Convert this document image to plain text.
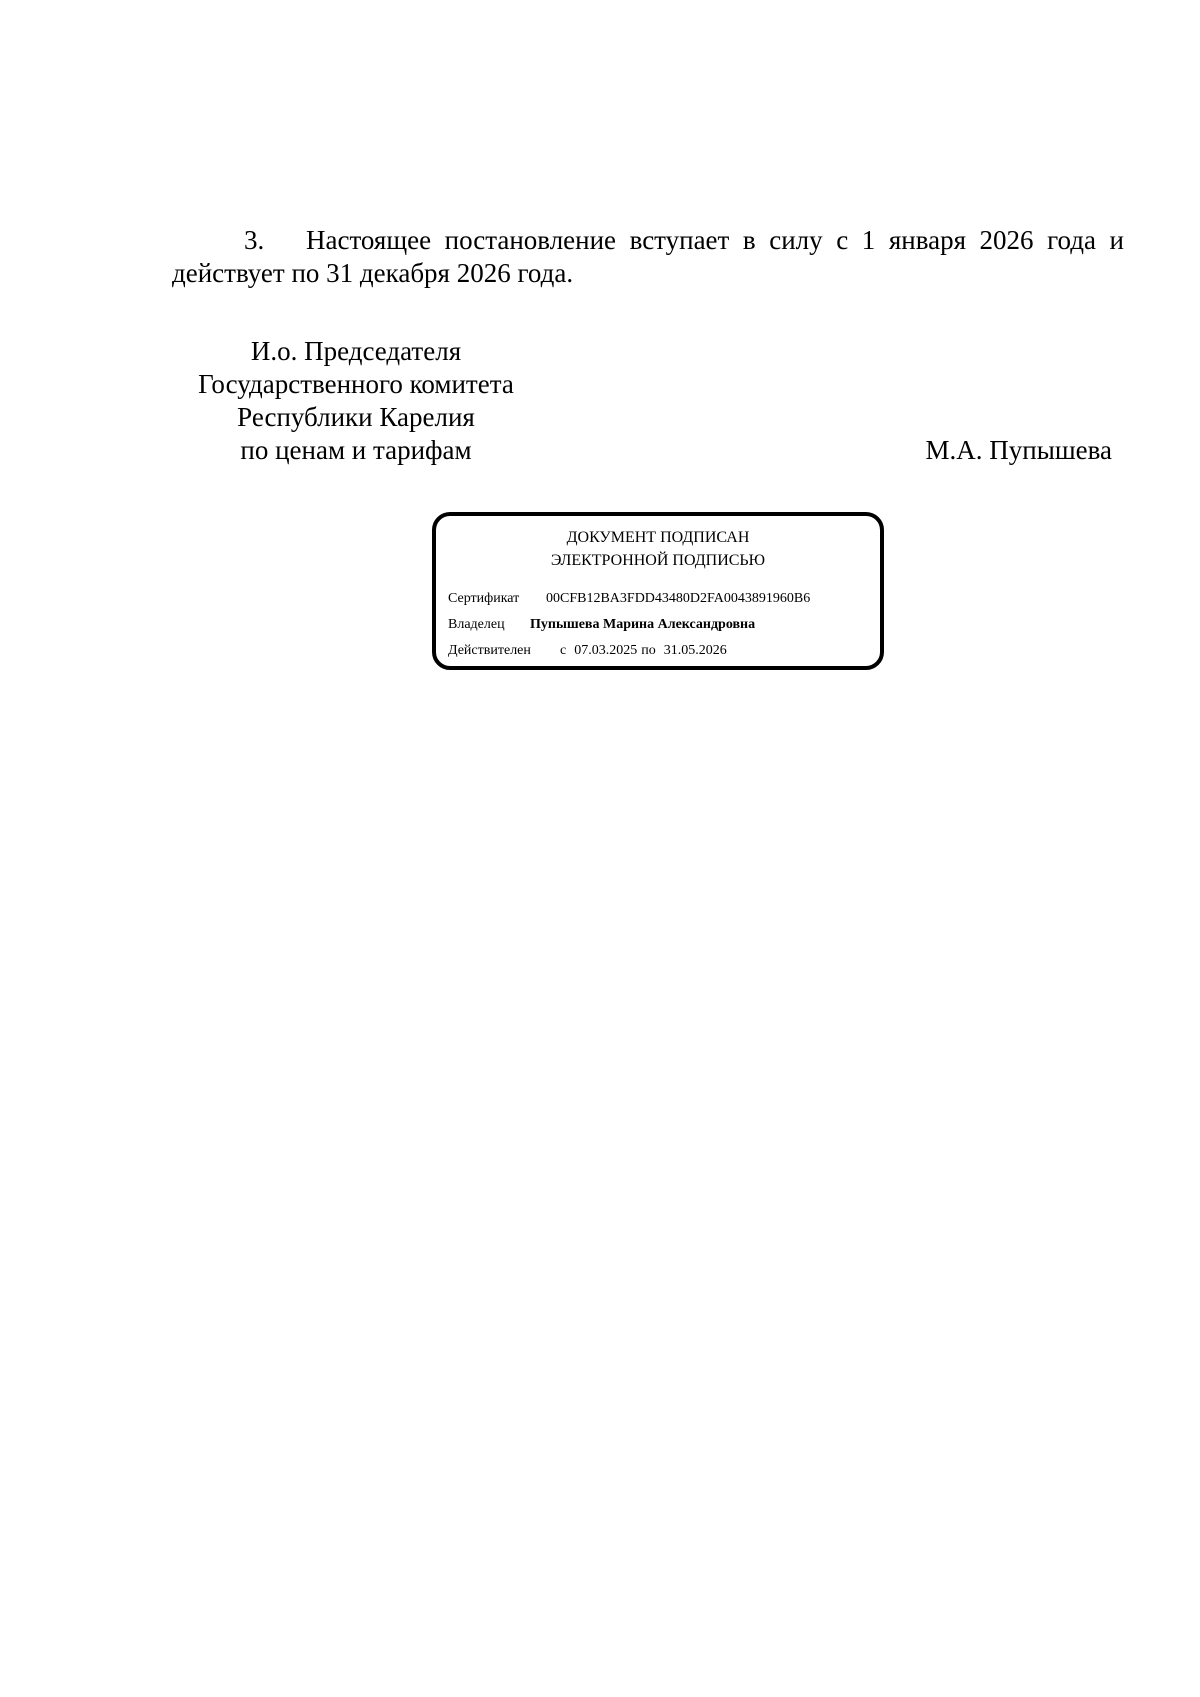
3.	Настоящее постановление вступает в силу с 1 января 2026 года и
действует по 31 декабря 2026 года.
И.о. Председателя
Государственного комитета
Республики Карелия
по ценам и тарифам	М.А. Пупышева
ДОКУМЕНТ ПОДПИСАН
ЭЛЕКТРОННОЙ ПОДПИСЬЮ
Сертификат 00CFB12BA3FDD43480D2FA0043891960B6
Владелец Пупышева Марина Александровна
Действителен с 07.03.2025 по 31.05.2026
